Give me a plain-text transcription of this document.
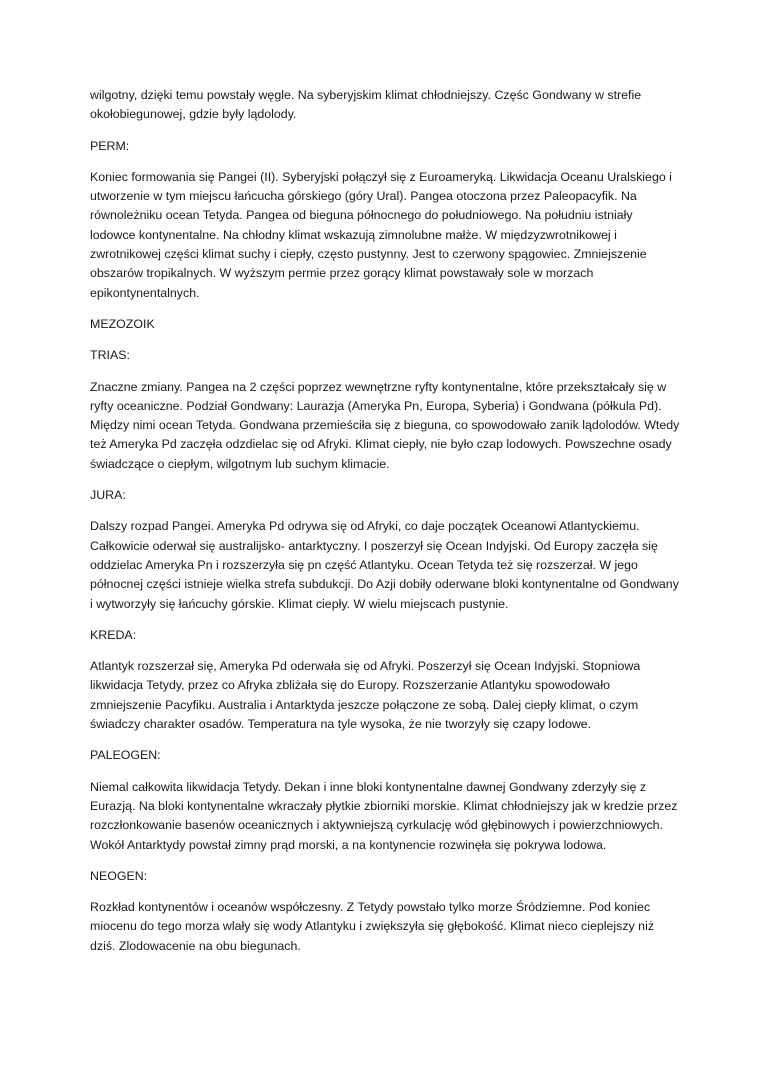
wilgotny, dzięki temu powstały węgle. Na syberyjskim klimat chłodniejszy. Częśc Gondwany w strefie okołobiegunowej, gdzie były lądolody.

PERM:

Koniec formowania się Pangei (II). Syberyjski połączył się z Euroameryką. Likwidacja Oceanu Uralskiego i utworzenie w tym miejscu łańcucha górskiego (góry Ural). Pangea otoczona przez Paleopacyfik. Na równoleżniku ocean Tetyda. Pangea od bieguna północnego do południowego. Na południu istniały lodowce kontynentalne. Na chłodny klimat wskazują zimnolubne małże. W międzyzwrotnikowej i zwrotnikowej części klimat suchy i ciepły, często pustynny. Jest to czerwony spągowiec. Zmniejszenie obszarów tropikalnych. W wyższym permie przez gorący klimat powstawały sole w morzach epikontynentalnych.

MEZOZOIK

TRIAS:

Znaczne zmiany. Pangea na 2 części poprzez wewnętrzne ryfty kontynentalne, które przekształcały się w ryfty oceaniczne. Podział Gondwany: Laurazja (Ameryka Pn, Europa, Syberia) i Gondwana (półkula Pd). Między nimi ocean Tetyda. Gondwana przemieściła się z bieguna, co spowodowało zanik lądolodów. Wtedy też Ameryka Pd zaczęła odzdielac się od Afryki. Klimat ciepły, nie było czap lodowych. Powszechne osady świadczące o ciepłym, wilgotnym lub suchym klimacie.

JURA:

Dalszy rozpad Pangei. Ameryka Pd odrywa się od Afryki, co daje początek Oceanowi Atlantyckiemu. Całkowicie oderwał się australijsko- antarktyczny. I poszerzył się Ocean Indyjski. Od Europy zaczęła się oddzielac Ameryka Pn i rozszerzyła się pn część Atlantyku. Ocean Tetyda też się rozszerzał. W jego północnej części istnieje wielka strefa subdukcji. Do Azji dobiły oderwane bloki kontynentalne od Gondwany i wytworzyły się łańcuchy górskie. Klimat ciepły. W wielu miejscach pustynie.

KREDA:

Atlantyk rozszerzał się, Ameryka Pd oderwała się od Afryki. Poszerzył się Ocean Indyjski. Stopniowa likwidacja Tetydy, przez co Afryka zbliżała się do Europy. Rozszerzanie Atlantyku spowodowało zmniejszenie Pacyfiku. Australia i Antarktyda jeszcze połączone ze sobą. Dalej ciepły klimat, o czym świadczy charakter osadów. Temperatura na tyle wysoka, że nie tworzyły się czapy lodowe.

PALEOGEN:

Niemal całkowita likwidacja Tetydy. Dekan i inne bloki kontynentalne dawnej Gondwany zderzyły się z Eurazją. Na bloki kontynentalne wkraczały płytkie zbiorniki morskie. Klimat chłodniejszy jak w kredzie przez rozczłonkowanie basenów oceanicznych i aktywniejszą cyrkulację wód głębinowych i powierzchniowych. Wokół Antarktydy powstał zimny prąd morski, a na kontynencie rozwinęła się pokrywa lodowa.

NEOGEN:

Rozkład kontynentów i oceanów współczesny. Z Tetydy powstało tylko morze Śródziemne. Pod koniec miocenu do tego morza wlały się wody Atlantyku i zwiększyła się głębokość. Klimat nieco cieplejszy niż dziś. Zlodowacenie na obu biegunach.
